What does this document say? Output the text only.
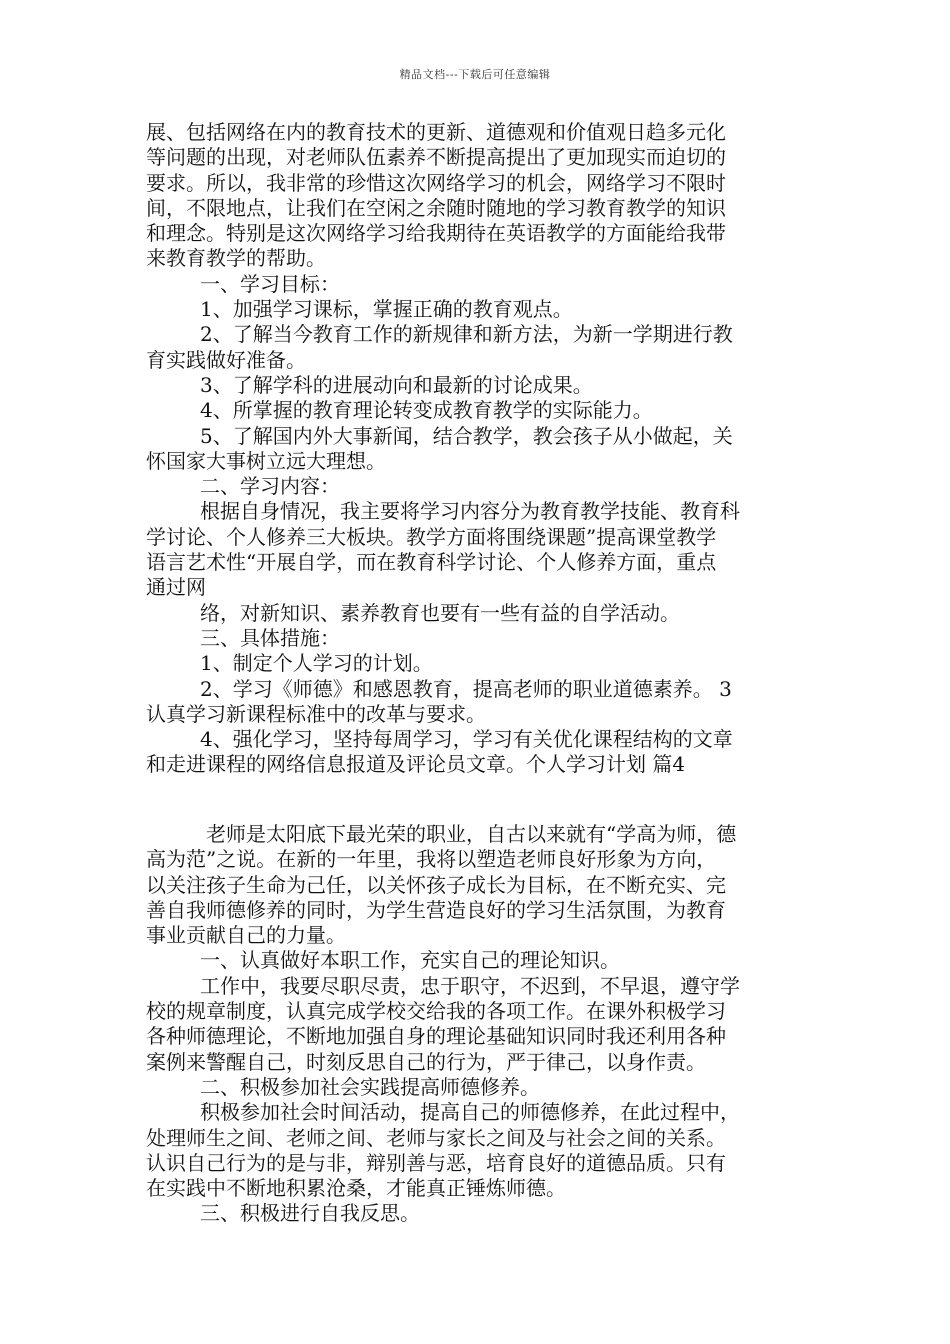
精品文档---下载后可任意编辑
展、包括网络在内的教育技术的更新、道德观和价值观日趋多元化
等问题的出现，对老师队伍素养不断提高提出了更加现实而迫切的
要求。所以，我非常的珍惜这次网络学习的机会，网络学习不限时
间，不限地点，让我们在空闲之余随时随地的学习教育教学的知识
和理念。特别是这次网络学习给我期待在英语教学的方面能给我带
来教育教学的帮助。
一、学习目标：
1、加强学习课标，掌握正确的教育观点。
2、了解当今教育工作的新规律和新方法，为新一学期进行教
育实践做好准备。
3、了解学科的进展动向和最新的讨论成果。
4、所掌握的教育理论转变成教育教学的实际能力。
5、了解国内外大事新闻，结合教学，教会孩子从小做起，关
怀国家大事树立远大理想。
二、学习内容：
根据自身情况，我主要将学习内容分为教育教学技能、教育科
学讨论、个人修养三大板块。教学方面将围绕课题”提高课堂教学
语言艺术性“开展自学，而在教育科学讨论、个人修养方面，重点
通过网
络，对新知识、素养教育也要有一些有益的自学活动。
三、具体措施：
1、制定个人学习的计划。
2、学习《师德》和感恩教育，提高老师的职业道德素养。 3
认真学习新课程标准中的改革与要求。
4、强化学习，坚持每周学习，学习有关优化课程结构的文章
和走进课程的网络信息报道及评论员文章。个人学习计划 篇4
老师是太阳底下最光荣的职业，自古以来就有“学高为师，德
高为范”之说。在新的一年里，我将以塑造老师良好形象为方向，
以关注孩子生命为己任，以关怀孩子成长为目标，在不断充实、完
善自我师德修养的同时，为学生营造良好的学习生活氛围，为教育
事业贡献自己的力量。
一、认真做好本职工作，充实自己的理论知识。
工作中，我要尽职尽责，忠于职守，不迟到，不早退，遵守学
校的规章制度，认真完成学校交给我的各项工作。在课外积极学习
各种师德理论，不断地加强自身的理论基础知识同时我还利用各种
案例来警醒自己，时刻反思自己的行为，严于律己，以身作责。
二、积极参加社会实践提高师德修养。
积极参加社会时间活动，提高自己的师德修养，在此过程中，
处理师生之间、老师之间、老师与家长之间及与社会之间的关系。
认识自己行为的是与非，辩别善与恶，培育良好的道德品质。只有
在实践中不断地积累沧桑，才能真正锤炼师德。
三、积极进行自我反思。
